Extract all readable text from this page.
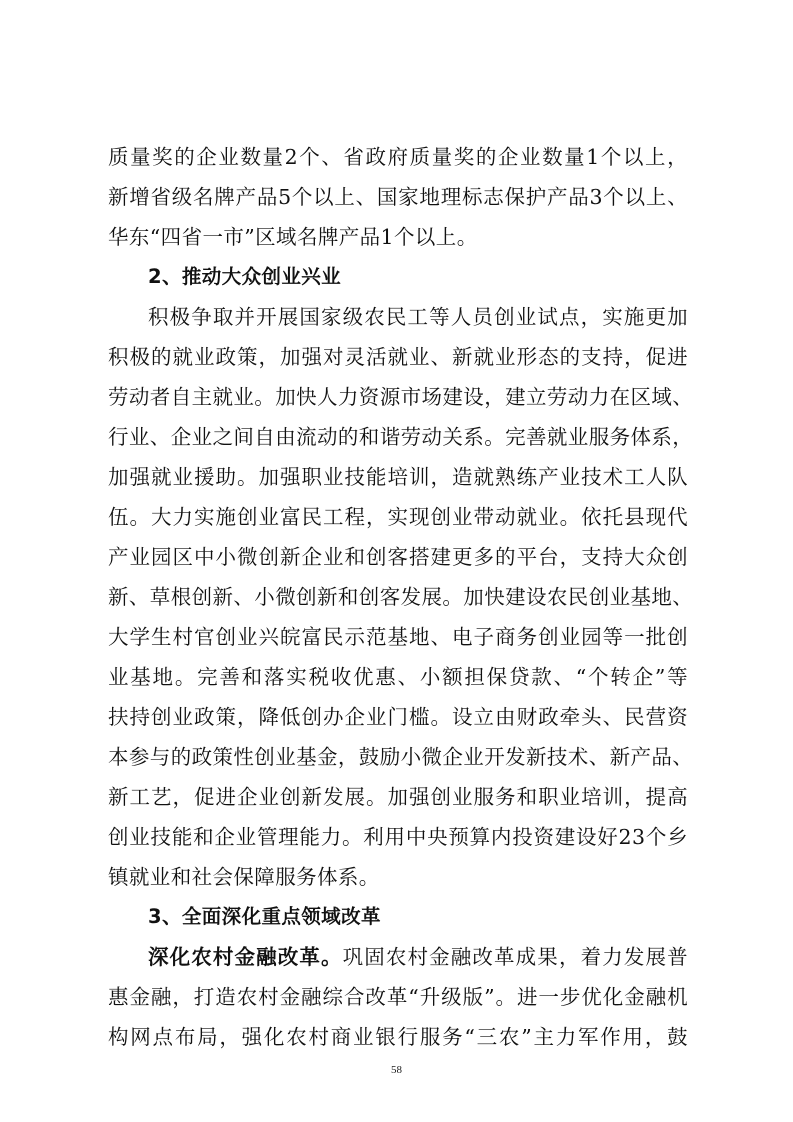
质量奖的企业数量2个、省政府质量奖的企业数量1个以上，
新增省级名牌产品5个以上、国家地理标志保护产品3个以上、
华东“四省一市”区域名牌产品1个以上。
2、推动大众创业兴业
积极争取并开展国家级农民工等人员创业试点，实施更加
积极的就业政策，加强对灵活就业、新就业形态的支持，促进
劳动者自主就业。加快人力资源市场建设，建立劳动力在区域、
行业、企业之间自由流动的和谐劳动关系。完善就业服务体系，
加强就业援助。加强职业技能培训，造就熟练产业技术工人队
伍。大力实施创业富民工程，实现创业带动就业。依托县现代
产业园区中小微创新企业和创客搭建更多的平台，支持大众创
新、草根创新、小微创新和创客发展。加快建设农民创业基地、
大学生村官创业兴皖富民示范基地、电子商务创业园等一批创
业基地。完善和落实税收优惠、小额担保贷款、“个转企”等
扶持创业政策，降低创办企业门槛。设立由财政牵头、民营资
本参与的政策性创业基金，鼓励小微企业开发新技术、新产品、
新工艺，促进企业创新发展。加强创业服务和职业培训，提高
创业技能和企业管理能力。利用中央预算内投资建设好23个乡
镇就业和社会保障服务体系。
3、全面深化重点领域改革
深化农村金融改革。巩固农村金融改革成果，着力发展普
惠金融，打造农村金融综合改革“升级版”。进一步优化金融机
构网点布局，强化农村商业银行服务“三农”主力军作用，鼓
58
